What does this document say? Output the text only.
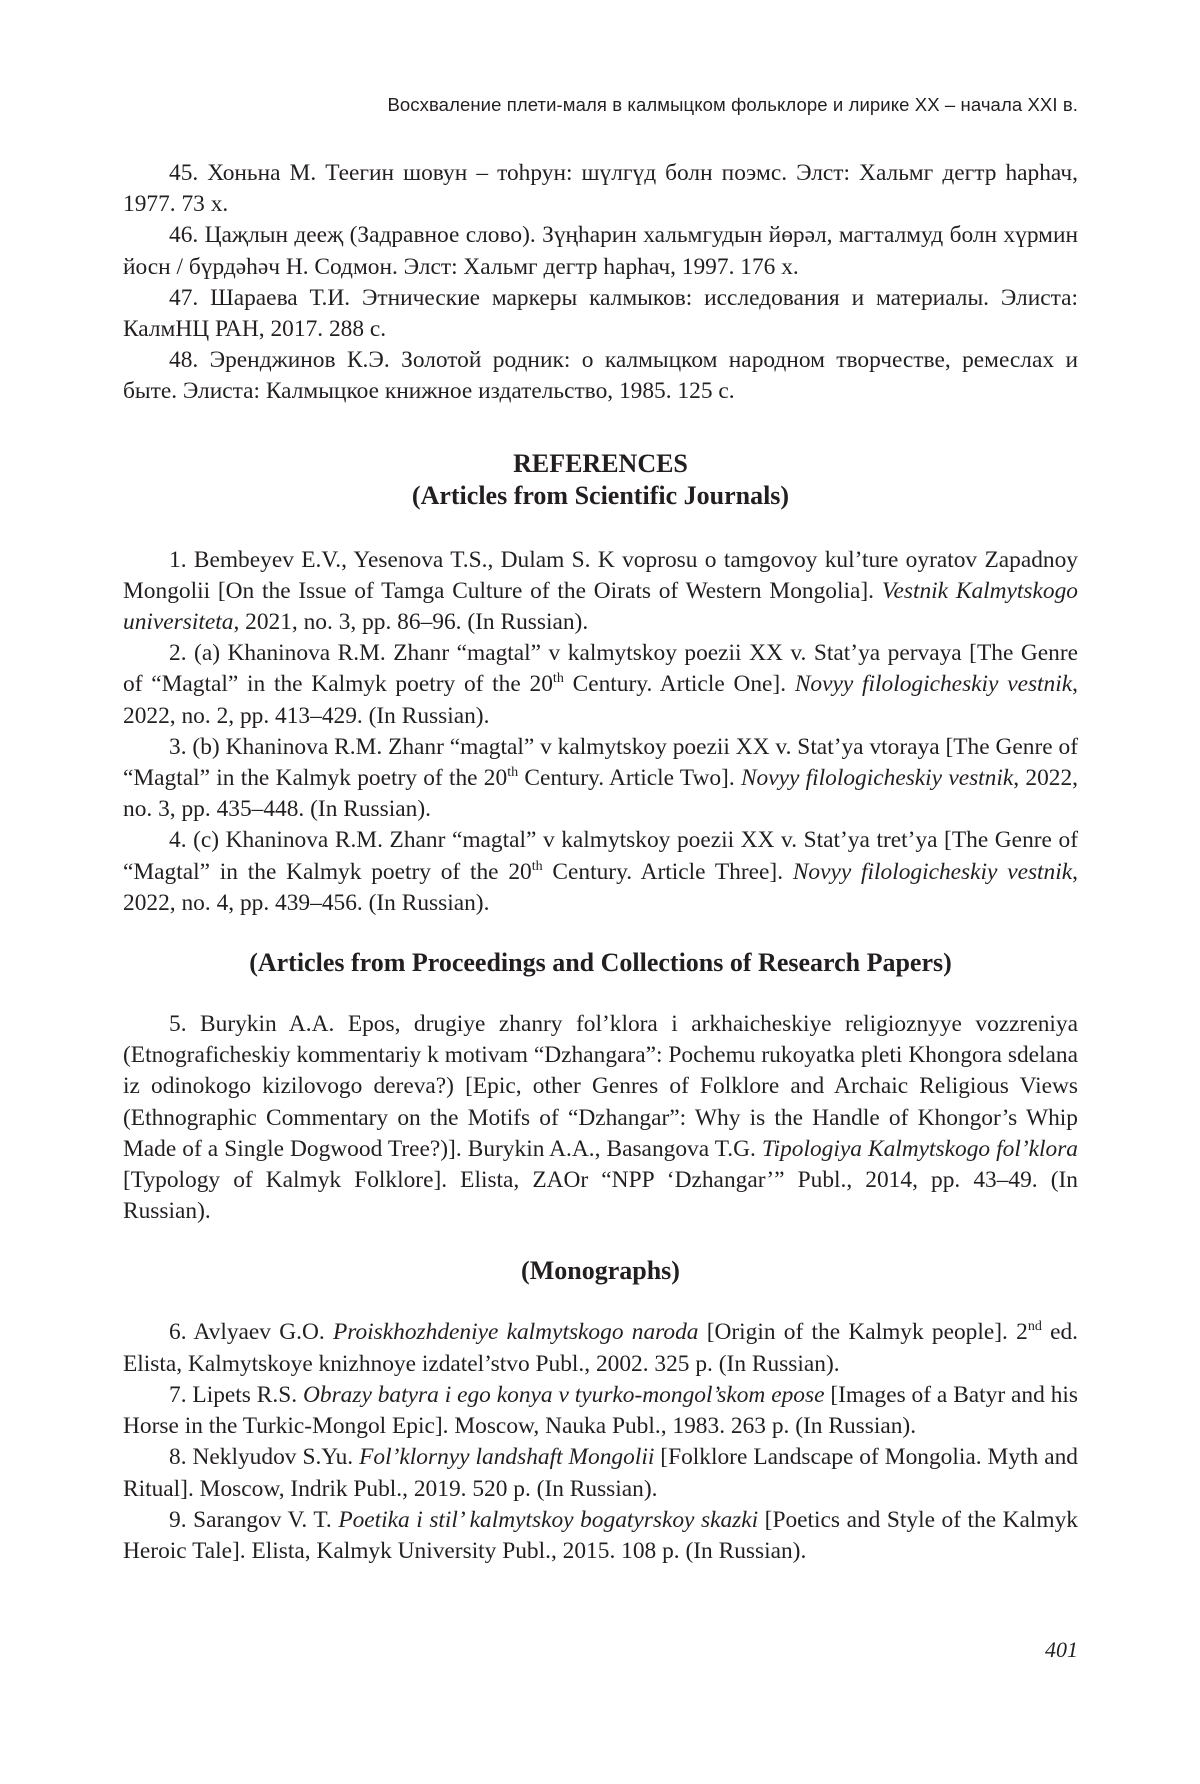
Восхваление плети-маля в калмыцком фольклоре и лирике XX – начала XXI в.

45. Хоньна М. Теегин шовун – тоһрун: шүлгүд болн поэмс. Элст: Хальмг дегтр һарһач, 1977. 73 х.

46. Цаҗлын дееҗ (Задравное слово). Зүңһарин хальмгудын йөрәл, магталмуд болн хүрмин йосн / бүрдәһәч Н. Содмон. Элст: Хальмг дегтр һарһач, 1997. 176 х.

47. Шараева Т.И. Этнические маркеры калмыков: исследования и материалы. Элиста: КалмНЦ РАН, 2017. 288 с.

48. Эренджинов К.Э. Золотой родник: о калмыцком народном творчестве, ремеслах и быте. Элиста: Калмыцкое книжное издательство, 1985. 125 с.

REFERENCES
(Articles from Scientific Journals)

1. Bembeyev E.V., Yesenova T.S., Dulam S. K voprosu o tamgovoy kul’ture oyratov Zapadnoy Mongolii [On the Issue of Tamga Culture of the Oirats of Western Mongolia]. Vestnik Kalmytskogo universiteta, 2021, no. 3, pp. 86–96. (In Russian).

2. (a) Khaninova R.M. Zhanr “magtal” v kalmytskoy poezii XX v. Stat’ya pervaya [The Genre of “Magtal” in the Kalmyk poetry of the 20th Century. Article One]. Novyy filologicheskiy vestnik, 2022, no. 2, pp. 413–429. (In Russian).

3. (b) Khaninova R.M. Zhanr “magtal” v kalmytskoy poezii XX v. Stat’ya vtoraya [The Genre of “Magtal” in the Kalmyk poetry of the 20th Century. Article Two]. Novyy filologicheskiy vestnik, 2022, no. 3, pp. 435–448. (In Russian).

4. (c) Khaninova R.M. Zhanr “magtal” v kalmytskoy poezii XX v. Stat’ya tret’ya [The Genre of “Magtal” in the Kalmyk poetry of the 20th Century. Article Three]. Novyy filologicheskiy vestnik, 2022, no. 4, pp. 439–456. (In Russian).

(Articles from Proceedings and Collections of Research Papers)

5. Burykin A.A. Epos, drugiye zhanry fol’klora i arkhaicheskiye religioznyye vozzreniya (Etnograficheskiy kommentariy k motivam “Dzhangara”: Pochemu rukoyatka pleti Khongora sdelana iz odinokogo kizilovogo dereva?) [Epic, other Genres of Folklore and Archaic Religious Views (Ethnographic Commentary on the Motifs of “Dzhangar”: Why is the Handle of Khongor’s Whip Made of a Single Dogwood Tree?)]. Burykin A.A., Basangova T.G. Tipologiya Kalmytskogo fol’klora [Typology of Kalmyk Folklore]. Elista, ZAOr “NPP ‘Dzhangar’” Publ., 2014, pp. 43–49. (In Russian).

(Monographs)

6. Avlyaev G.O. Proiskhozhdeniye kalmytskogo naroda [Origin of the Kalmyk people]. 2nd ed. Elista, Kalmytskoye knizhnoye izdatel’stvo Publ., 2002. 325 p. (In Russian).

7. Lipets R.S. Obrazy batyra i ego konya v tyurko-mongol’skom epose [Images of a Batyr and his Horse in the Turkic-Mongol Epic]. Moscow, Nauka Publ., 1983. 263 p. (In Russian).

8. Neklyudov S.Yu. Fol’klornyy landshaft Mongolii [Folklore Landscape of Mongolia. Myth and Ritual]. Moscow, Indrik Publ., 2019. 520 p. (In Russian).

9. Sarangov V. T. Poetika i stil’ kalmytskoy bogatyrskoy skazki [Poetics and Style of the Kalmyk Heroic Tale]. Elista, Kalmyk University Publ., 2015. 108 p. (In Russian).

401
